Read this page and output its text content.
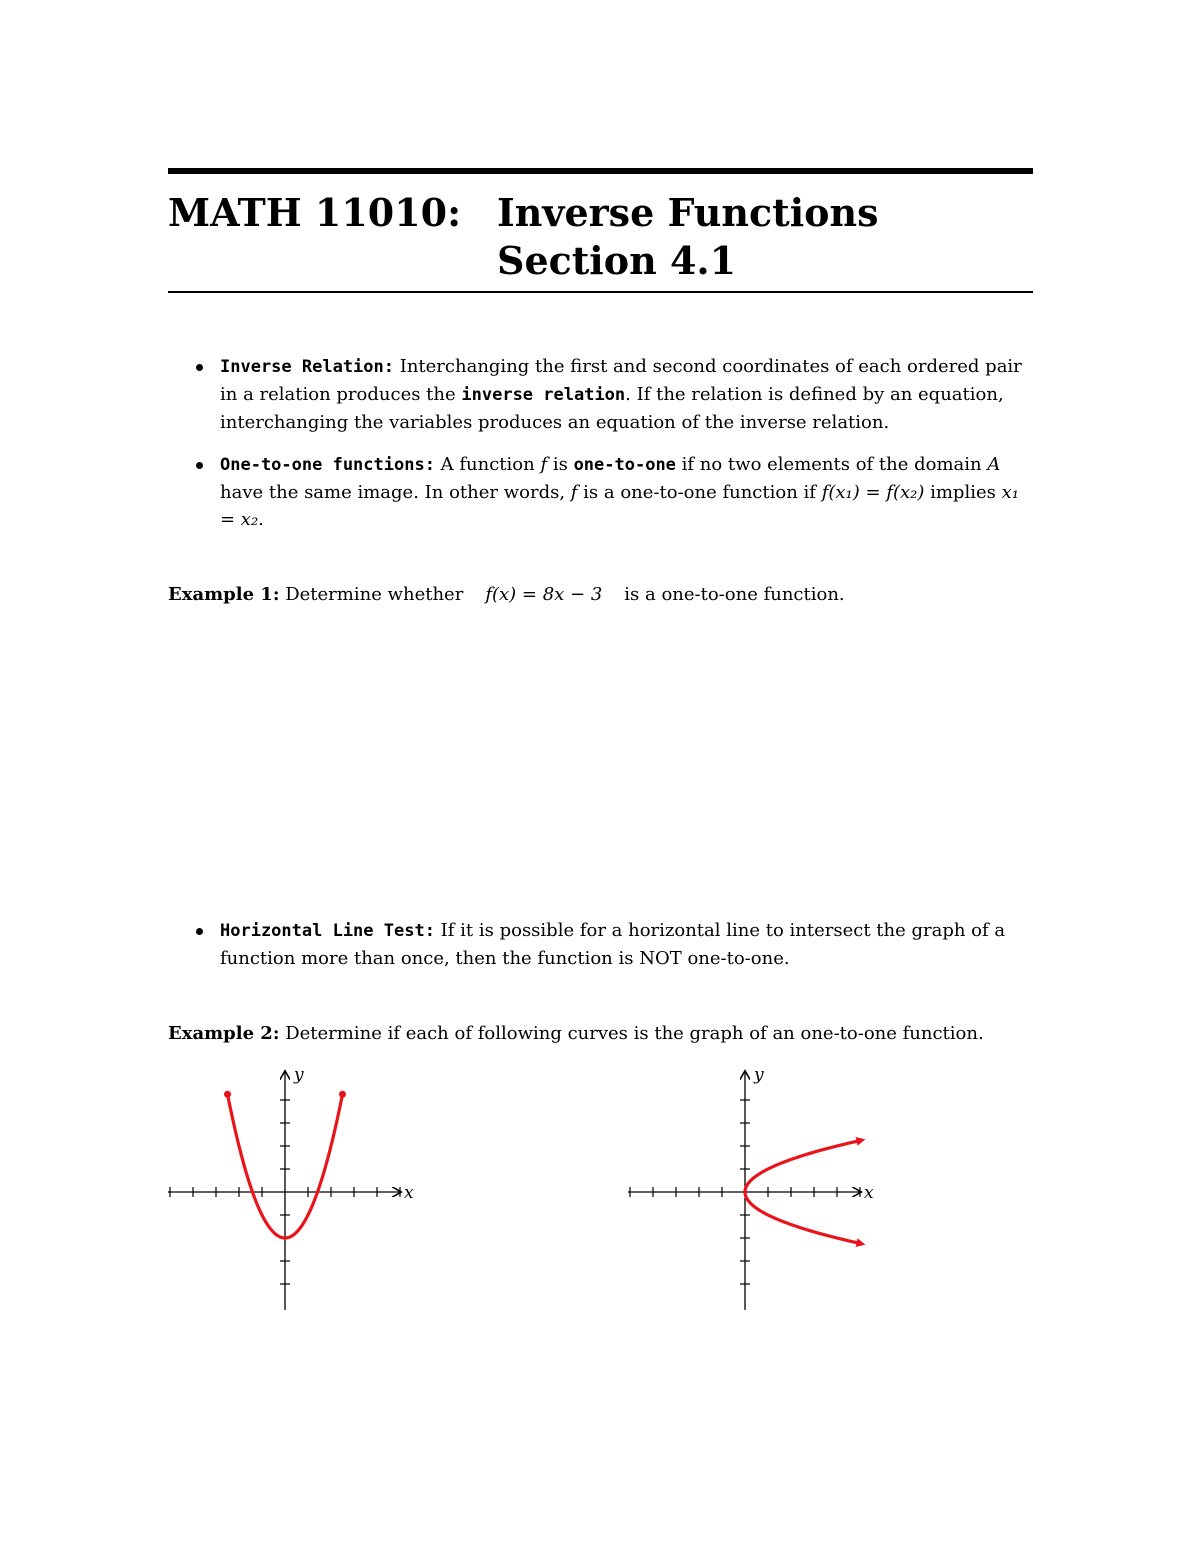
MATH 11010: Inverse Functions
Section 4.1
Inverse Relation: Interchanging the first and second coordinates of each ordered pair in a relation produces the inverse relation. If the relation is defined by an equation, interchanging the variables produces an equation of the inverse relation.
One-to-one functions: A function f is one-to-one if no two elements of the domain A have the same image. In other words, f is a one-to-one function if f(x₁) = f(x₂) implies x₁ = x₂.
Example 1: Determine whether f(x) = 8x − 3 is a one-to-one function.
Horizontal Line Test: If it is possible for a horizontal line to intersect the graph of a function more than once, then the function is NOT one-to-one.
Example 2: Determine if each of following curves is the graph of an one-to-one function.
x
y
x
y
